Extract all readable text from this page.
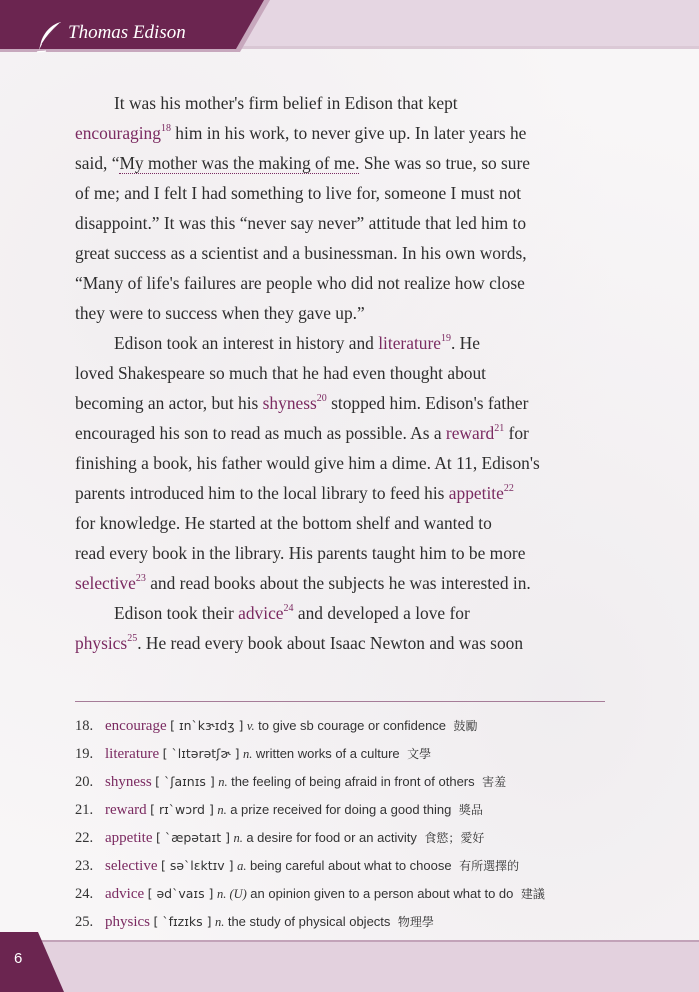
Thomas Edison
It was his mother's firm belief in Edison that kept
encouraging$^{18}$ him in his work, to never give up. In later years he
said, “My mother was the making of me. She was so true, so sure
of me; and I felt I had something to live for, someone I must not
disappoint.” It was this “never say never” attitude that led him to
great success as a scientist and a businessman. In his own words,
“Many of life's failures are people who did not realize how close
they were to success when they gave up.”
Edison took an interest in history and literature$^{19}$. He
loved Shakespeare so much that he had even thought about
becoming an actor, but his shyness$^{20}$ stopped him. Edison's father
encouraged his son to read as much as possible. As a reward$^{21}$ for
finishing a book, his father would give him a dime. At 11, Edison's
parents introduced him to the local library to feed his appetite$^{22}$
for knowledge. He started at the bottom shelf and wanted to
read every book in the library. His parents taught him to be more
selective$^{23}$ and read books about the subjects he was interested in.
Edison took their advice$^{24}$ and developed a love for
physics$^{25}$. He read every book about Isaac Newton and was soon
18. encourage [ ɪnˋkɝɪdʒ ] v. to give sb courage or confidence 鼓勵
19. literature [ ˋlɪtərətʃɚ ] n. written works of a culture 文學
20. shyness [ ˋʃaɪnɪs ] n. the feeling of being afraid in front of others 害羞
21. reward [ rɪˋwɔrd ] n. a prize received for doing a good thing 獎品
22. appetite [ ˋæpətaɪt ] n. a desire for food or an activity 食慾；愛好
23. selective [ səˋlɛktɪv ] a. being careful about what to choose 有所選擇的
24. advice [ ədˋvaɪs ] n. (U) an opinion given to a person about what to do 建議
25. physics [ ˋfɪzɪks ] n. the study of physical objects 物理學
6
